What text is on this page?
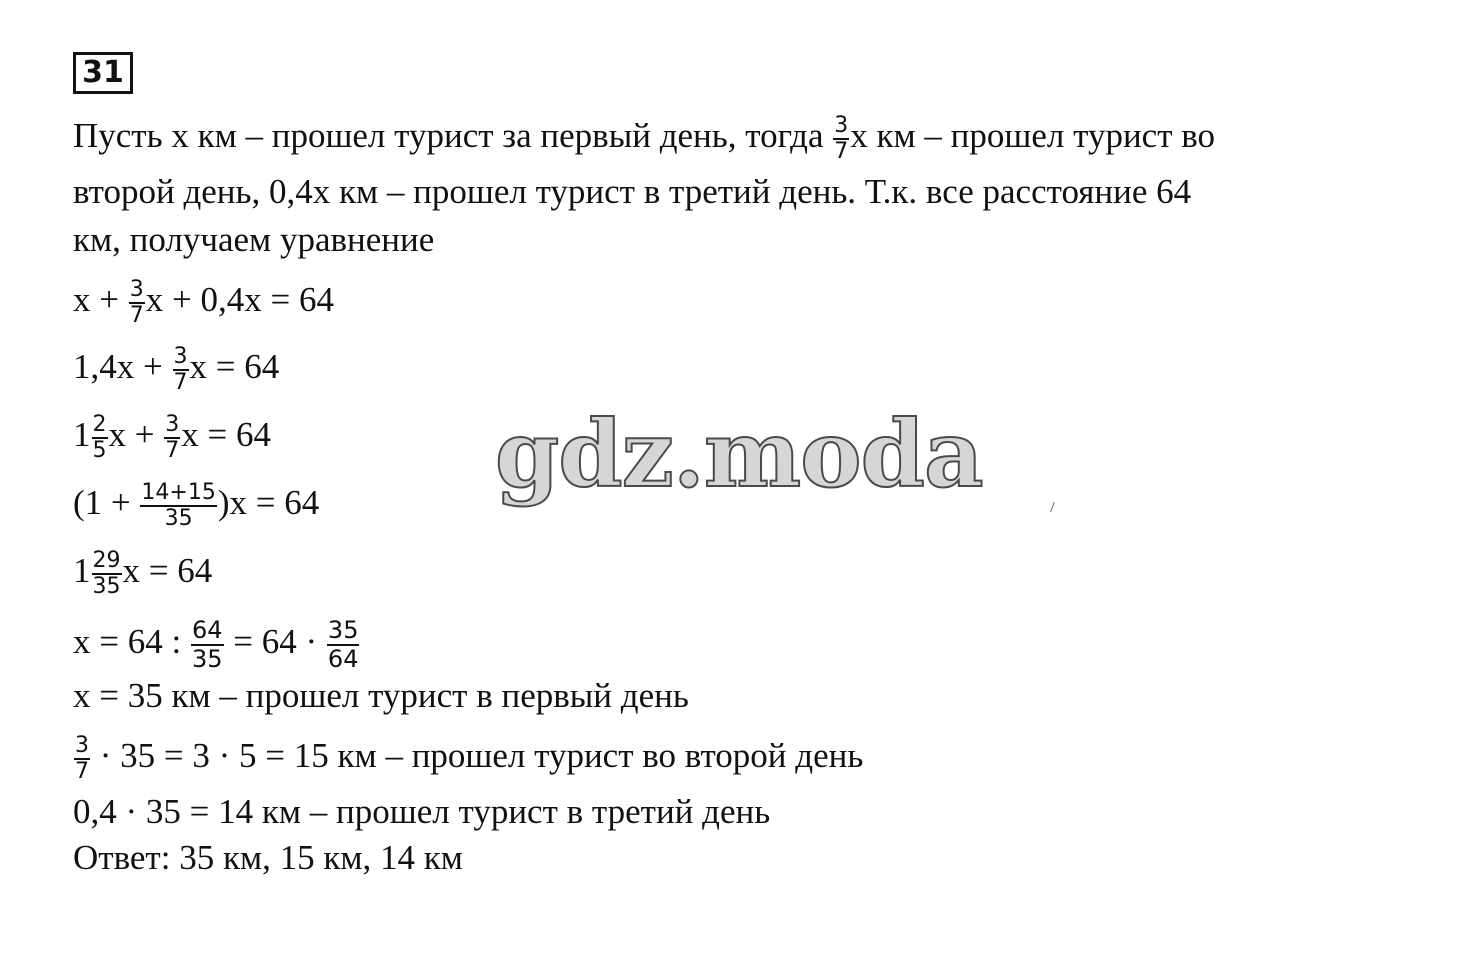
31
Пусть x км – прошел турист за первый день, тогда $\frac{3}{7}$ x км – прошел турист во
второй день, 0,4x км – прошел турист в третий день. Т.к. все расстояние 64
км, получаем уравнение
$x + \frac{3}{7}$ x + 0,4x = 64
$1,4x + \frac{3}{7}$ x = 64
$1 \frac{2}{5}$ $x + \frac{3}{7}$ x = 64
$(1 + \frac{14+15}{35} )x = 64$
$1 \frac{29}{35}$ x = 64
x = 64 : $\frac{64}{35} = 64 \cdot \frac{35}{64}$
x = 35 км – прошел турист в первый день
$\frac{3}{7} \cdot 35 = 3 \cdot 5 = 15$ км – прошел турист во второй день
0,4 · 35 = 14 км – прошел турист в третий день
Ответ: 35 км, 15 км, 14 км
gdz.moda
